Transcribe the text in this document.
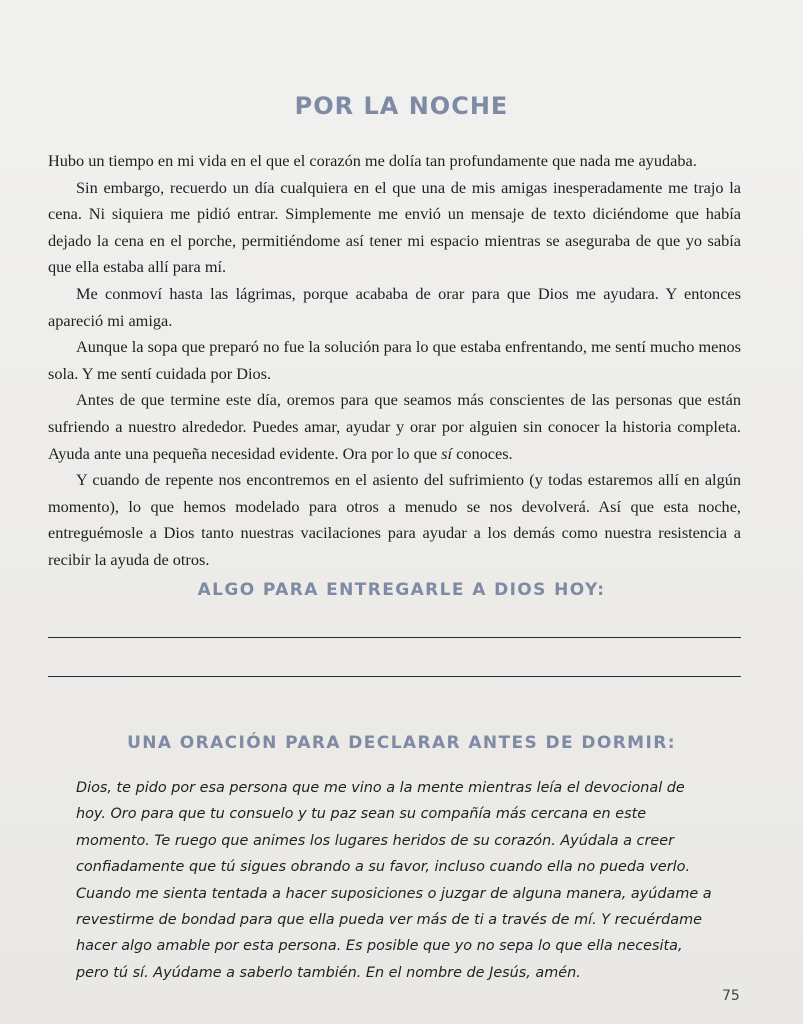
POR LA NOCHE

Hubo un tiempo en mi vida en el que el corazón me dolía tan profundamente que nada me ayudaba.

Sin embargo, recuerdo un día cualquiera en el que una de mis amigas inesperadamente me trajo la cena. Ni siquiera me pidió entrar. Simplemente me envió un mensaje de texto diciéndome que había dejado la cena en el porche, permitiéndome así tener mi espacio mientras se aseguraba de que yo sabía que ella estaba allí para mí.

Me conmoví hasta las lágrimas, porque acababa de orar para que Dios me ayudara. Y entonces apareció mi amiga.

Aunque la sopa que preparó no fue la solución para lo que estaba enfrentando, me sentí mucho menos sola. Y me sentí cuidada por Dios.

Antes de que termine este día, oremos para que seamos más conscientes de las personas que están sufriendo a nuestro alrededor. Puedes amar, ayudar y orar por alguien sin conocer la historia completa. Ayuda ante una pequeña necesidad evidente. Ora por lo que sí conoces.

Y cuando de repente nos encontremos en el asiento del sufrimiento (y todas estaremos allí en algún momento), lo que hemos modelado para otros a menudo se nos devolverá. Así que esta noche, entreguémosle a Dios tanto nuestras vacilaciones para ayudar a los demás como nuestra resistencia a recibir la ayuda de otros.

ALGO PARA ENTREGARLE A DIOS HOY:
UNA ORACIÓN PARA DECLARAR ANTES DE DORMIR:

Dios, te pido por esa persona que me vino a la mente mientras leía el devocional de hoy. Oro para que tu consuelo y tu paz sean su compañía más cercana en este momento. Te ruego que animes los lugares heridos de su corazón. Ayúdala a creer confiadamente que tú sigues obrando a su favor, incluso cuando ella no pueda verlo. Cuando me sienta tentada a hacer suposiciones o juzgar de alguna manera, ayúdame a revestirme de bondad para que ella pueda ver más de ti a través de mí. Y recuérdame hacer algo amable por esta persona. Es posible que yo no sepa lo que ella necesita, pero tú sí. Ayúdame a saberlo también. En el nombre de Jesús, amén.

75
